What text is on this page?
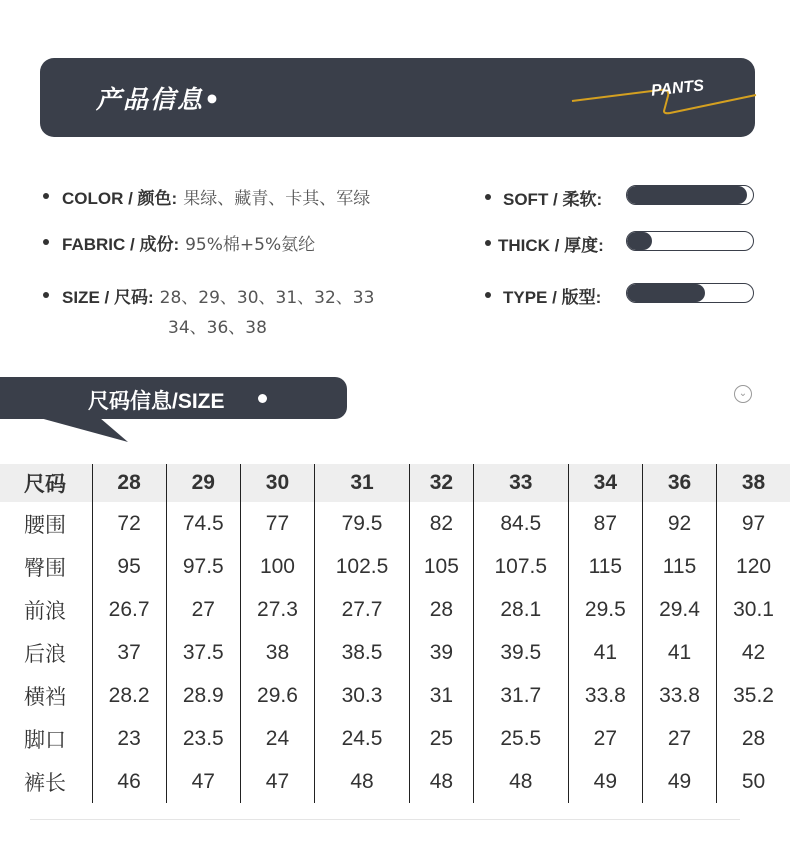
产品信息•	PANTS
COLOR / 颜色: 果绿、藏青、卡其、军绿
FABRIC / 成份: 95%棉+5%氨纶
SIZE / 尺码: 28、29、30、31、32、33
34、36、38
SOFT / 柔软:
THICK / 厚度:
TYPE / 版型:
尺码信息/SIZE	⌄
尺码	28	29	30	31	32	33	34	36	38
腰围	72	74.5	77	79.5	82	84.5	87	92	97
臀围	95	97.5	100	102.5	105	107.5	115	115	120
前浪	26.7	27	27.3	27.7	28	28.1	29.5	29.4	30.1
后浪	37	37.5	38	38.5	39	39.5	41	41	42
横裆	28.2	28.9	29.6	30.3	31	31.7	33.8	33.8	35.2
脚口	23	23.5	24	24.5	25	25.5	27	27	28
裤长	46	47	47	48	48	48	49	49	50
